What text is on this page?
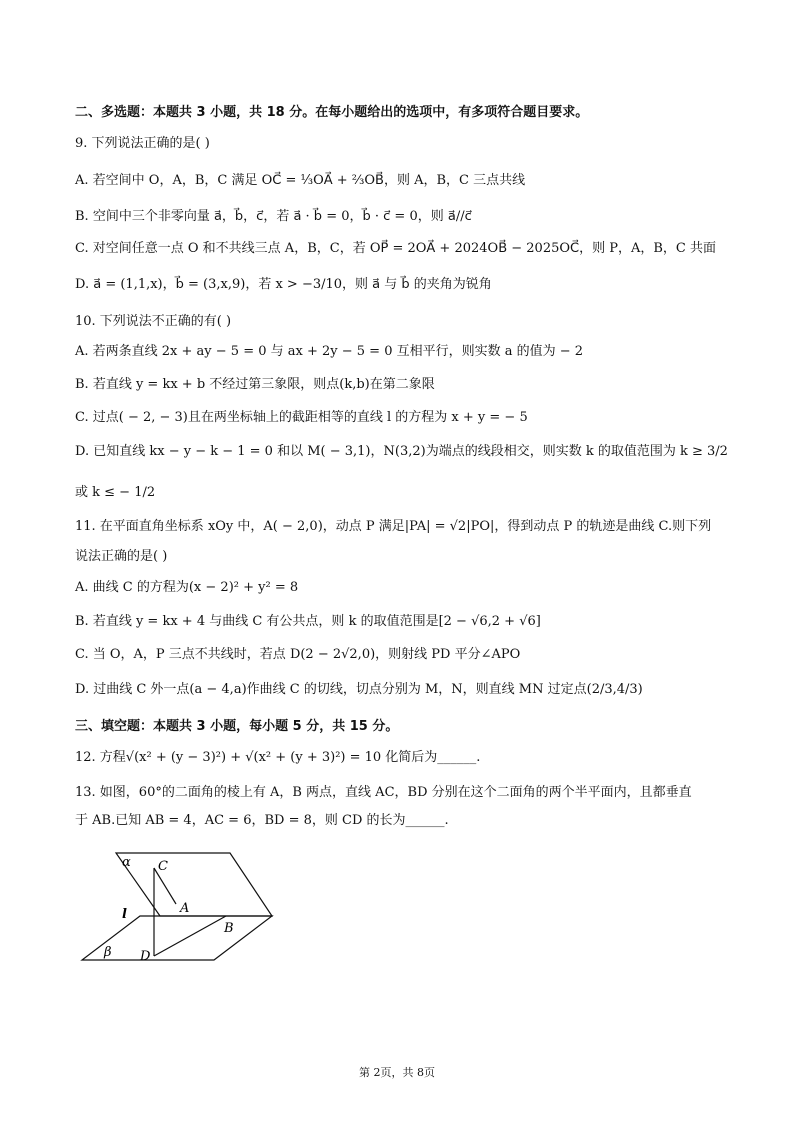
二、多选题：本题共 3 小题，共 18 分。在每小题给出的选项中，有多项符合题目要求。
9. 下列说法正确的是( )
A. 若空间中 O，A，B，C 满足 OC⃗ = ⅓OA⃗ + ⅔OB⃗，则 A，B，C 三点共线
B. 空间中三个非零向量 a⃗，b⃗，c⃗，若 a⃗ · b⃗ = 0，b⃗ · c⃗ = 0，则 a⃗//c⃗
C. 对空间任意一点 O 和不共线三点 A，B，C，若 OP⃗ = 2OA⃗ + 2024OB⃗ − 2025OC⃗，则 P，A，B，C 共面
D. a⃗ = (1,1,x)，b⃗ = (3,x,9)，若 x > −3/10，则 a⃗ 与 b⃗ 的夹角为锐角
10. 下列说法不正确的有( )
A. 若两条直线 2x + ay − 5 = 0 与 ax + 2y − 5 = 0 互相平行，则实数 a 的值为 − 2
B. 若直线 y = kx + b 不经过第三象限，则点(k,b)在第二象限
C. 过点( − 2, − 3)且在两坐标轴上的截距相等的直线 l 的方程为 x + y = − 5
D. 已知直线 kx − y − k − 1 = 0 和以 M( − 3,1)，N(3,2)为端点的线段相交，则实数 k 的取值范围为 k ≥ 3/2
或 k ≤ − 1/2
11. 在平面直角坐标系 xOy 中，A( − 2,0)，动点 P 满足|PA| = √2|PO|，得到动点 P 的轨迹是曲线 C.则下列
说法正确的是( )
A. 曲线 C 的方程为(x − 2)² + y² = 8
B. 若直线 y = kx + 4 与曲线 C 有公共点，则 k 的取值范围是[2 − √6,2 + √6]
C. 当 O，A，P 三点不共线时，若点 D(2 − 2√2,0)，则射线 PD 平分∠APO
D. 过曲线 C 外一点(a − 4,a)作曲线 C 的切线，切点分别为 M，N，则直线 MN 过定点(2/3,4/3)
三、填空题：本题共 3 小题，每小题 5 分，共 15 分。
12. 方程√(x² + (y − 3)²) + √(x² + (y + 3)²) = 10 化简后为______.
13. 如图，60°的二面角的棱上有 A，B 两点，直线 AC，BD 分别在这个二面角的两个半平面内，且都垂直
于 AB.已知 AB = 4，AC = 6，BD = 8，则 CD 的长为______.
α
β
l
C
A
B
D
第 2页，共 8页
